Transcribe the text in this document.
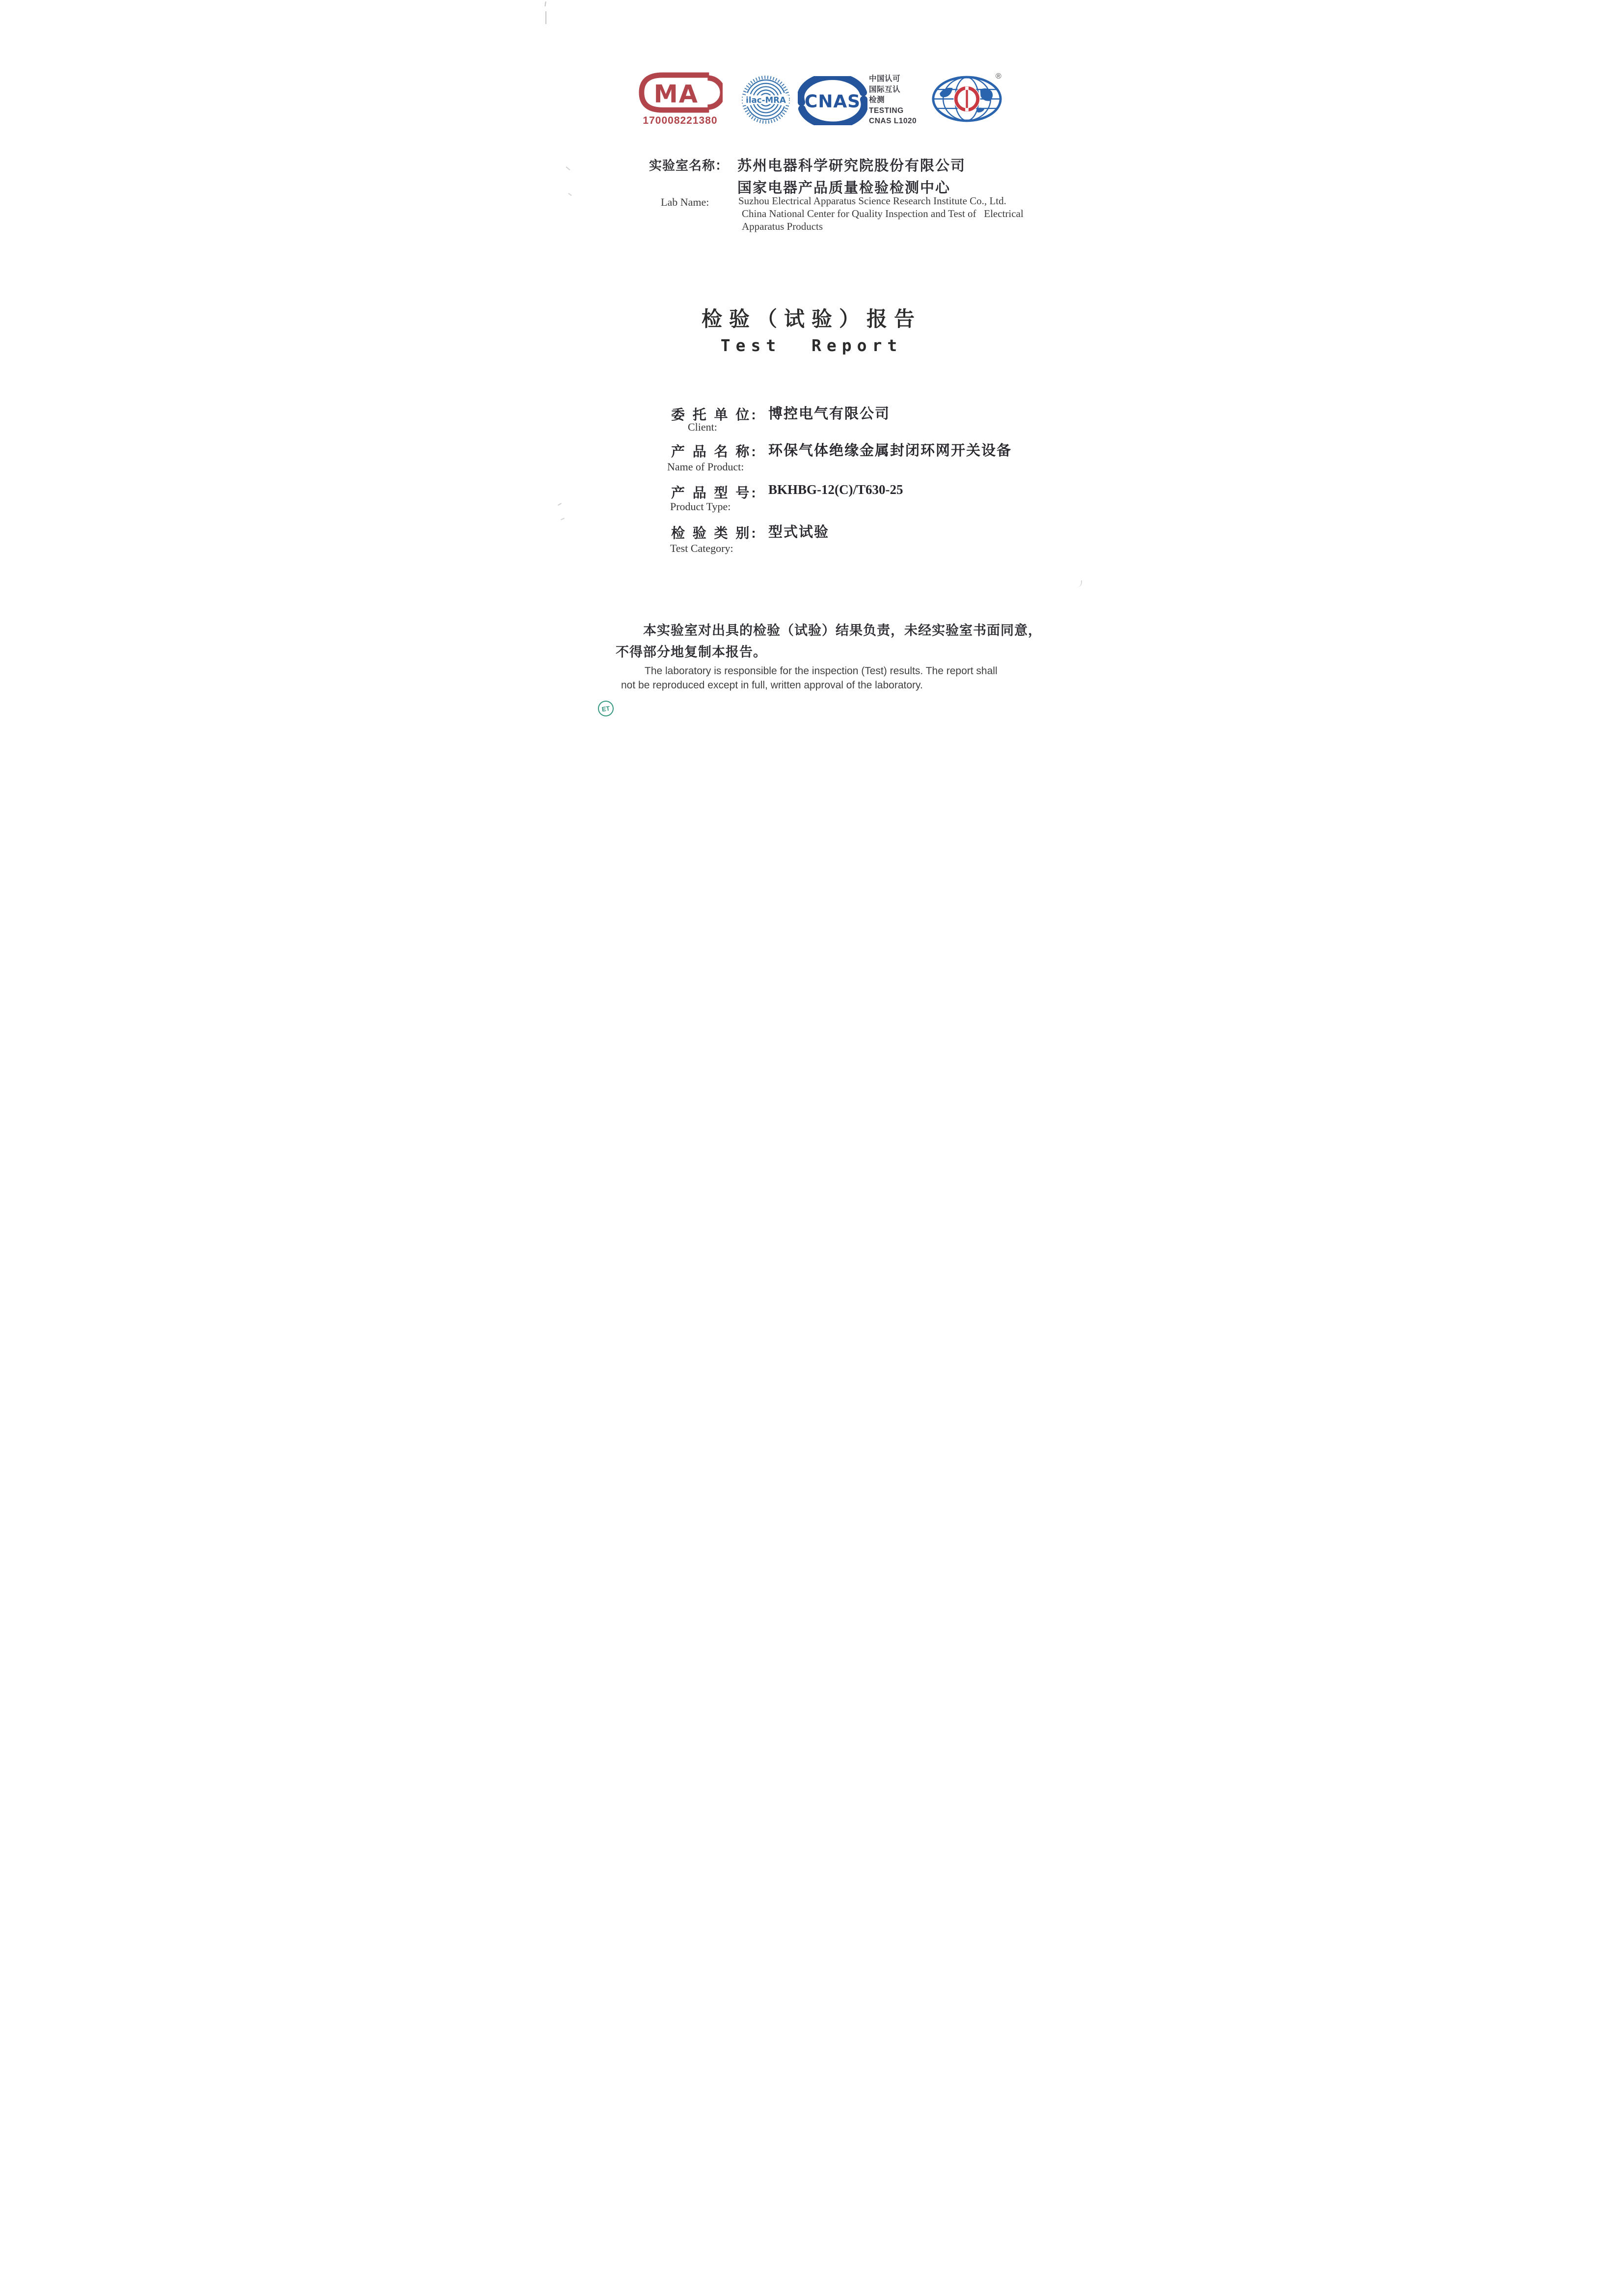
MA
170008221380
ilac-MRA CNAS
中国认可
国际互认
检测
TESTING
CNAS L1020
®
实验室名称： 苏州电器科学研究院股份有限公司
国家电器产品质量检验检测中心
Lab Name:	Suzhou Electrical Apparatus Science Research Institute Co., Ltd.
China National Center for Quality Inspection and Test of   Electrical
Apparatus Products
检验（试验）报告
Test  Report
委 托 单 位: 博控电气有限公司
Client:
产 品 名 称: 环保气体绝缘金属封闭环网开关设备
Name of Product:
产 品 型 号: BKHBG-12(C)/T630-25
Product Type:
检 验 类 别: 型式试验
Test Category:
本实验室对出具的检验（试验）结果负责，未经实验室书面同意，
不得部分地复制本报告。
The laboratory is responsible for the inspection (Test) results. The report shall
not be reproduced except in full, written approval of the laboratory.
ET
